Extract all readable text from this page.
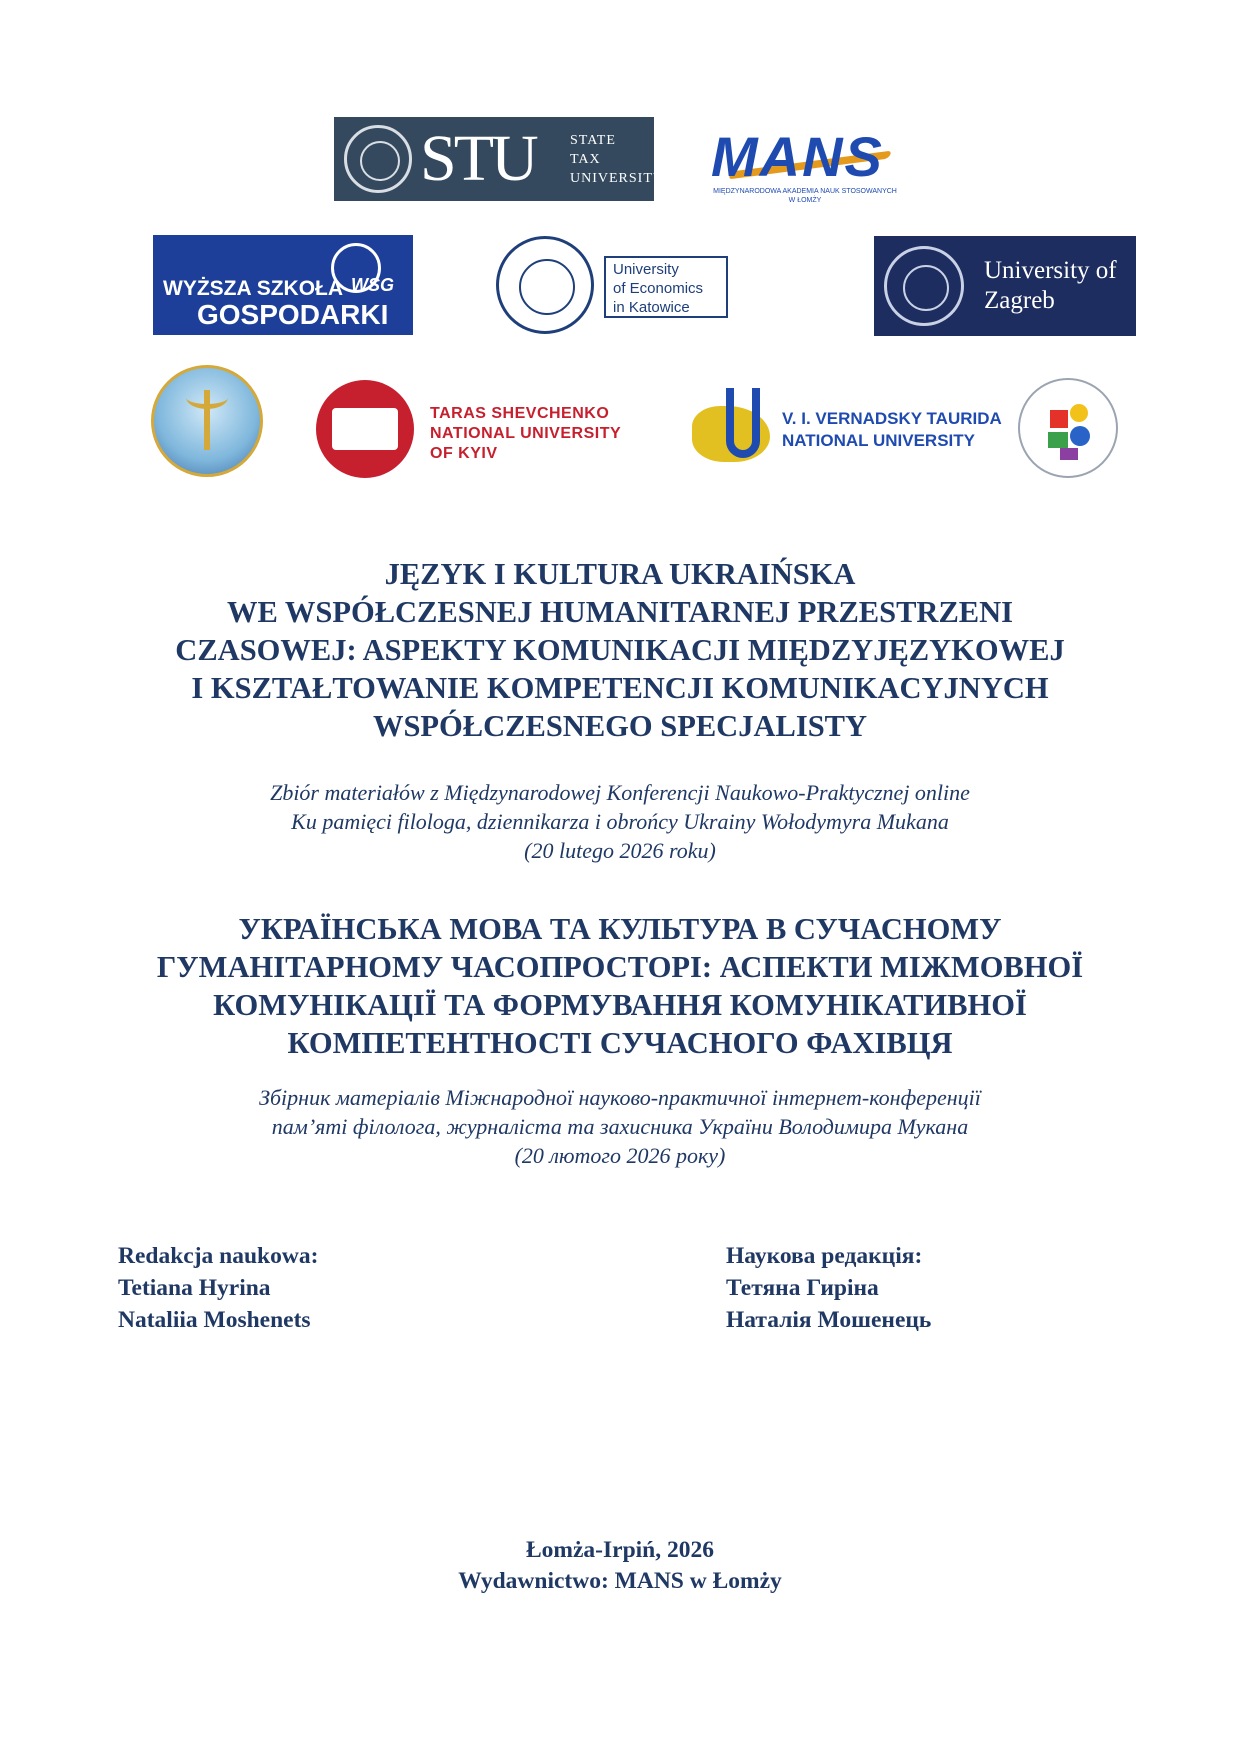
STU STATE
TAX
UNIVERSITY MANS
MIĘDZYNARODOWA AKADEMIA NAUK STOSOWANYCH
W ŁOMŻY
WSG
WYŻSZA SZKOŁA
GOSPODARKI
University
of Economics
in Katowice
University of
Zagreb
TARAS SHEVCHENKO
NATIONAL UNIVERSITY
OF KYIV
V. I. VERNADSKY TAURIDA
NATIONAL UNIVERSITY
JĘZYK I KULTURA UKRAIŃSKA
WE WSPÓŁCZESNEJ HUMANITARNEJ PRZESTRZENI
CZASOWEJ: ASPEKTY KOMUNIKACJI MIĘDZYJĘZYKOWEJ
I KSZTAŁTOWANIE KOMPETENCJI KOMUNIKACYJNYCH
WSPÓŁCZESNEGO SPECJALISTY
Zbiór materiałów z Międzynarodowej Konferencji Naukowo-Praktycznej online
Ku pamięci filologa, dziennikarza i obrońcy Ukrainy Wołodymyra Mukana
(20 lutego 2026 roku)
УКРАЇНСЬКА МОВА ТА КУЛЬТУРА В СУЧАСНОМУ
ГУМАНІТАРНОМУ ЧАСОПРОСТОРІ: АСПЕКТИ МІЖМОВНОЇ
КОМУНІКАЦІЇ ТА ФОРМУВАННЯ КОМУНІКАТИВНОЇ
КОМПЕТЕНТНОСТІ СУЧАСНОГО ФАХІВЦЯ
Збірник матеріалів Міжнародної науково-практичної інтернет-конференції
пам’яті філолога, журналіста та захисника України Володимира Мукана
(20 лютого 2026 року)
Redakcja naukowa:
Tetiana Hyrina
Nataliia Moshenets
Наукова редакція:
Тетяна Гиріна
Наталія Мошенець
Łomża-Irpiń, 2026
Wydawnictwo: MANS w Łomży
